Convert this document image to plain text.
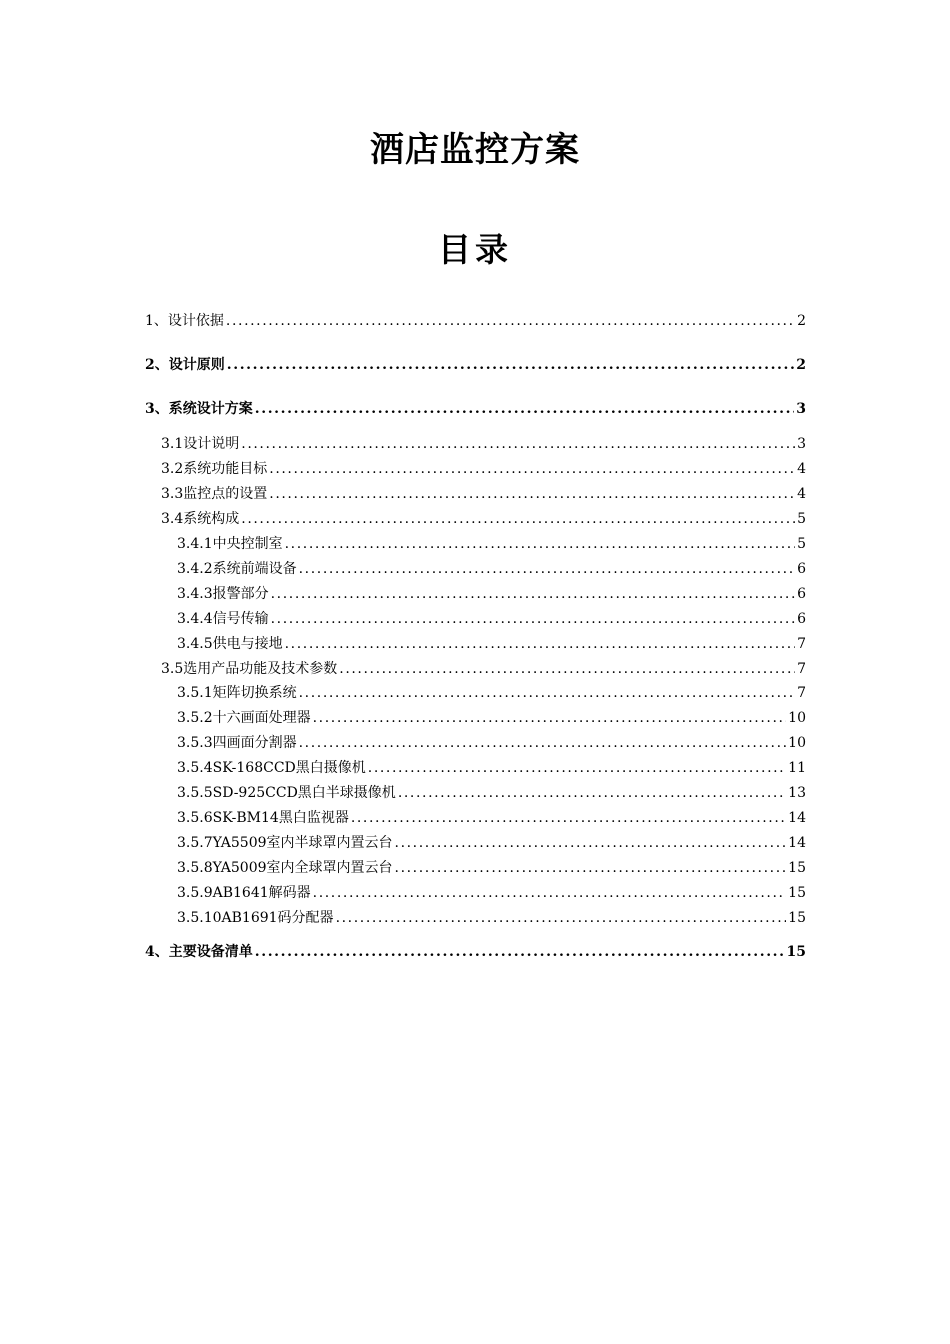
酒店监控方案
目录
1、设计依据 .....	2
2、设计原则 .....	2
3、系统设计方案 .....	3
3.1设计说明 .....	3
3.2系统功能目标 .....	4
3.3监控点的设置 .....	4
3.4系统构成 .....	5
3.4.1中央控制室 .....	5
3.4.2系统前端设备 .....	6
3.4.3报警部分 .....	6
3.4.4信号传输 .....	6
3.4.5供电与接地 .....	7
3.5选用产品功能及技术参数 .....	7
3.5.1矩阵切换系统 .....	7
3.5.2十六画面处理器 .....	10
3.5.3四画面分割器 .....	10
3.5.4SK-168CCD黑白摄像机 .....	11
3.5.5SD-925CCD黑白半球摄像机 .....	13
3.5.6SK-BM14黑白监视器 .....	14
3.5.7YA5509室内半球罩内置云台 .....	14
3.5.8YA5009室内全球罩内置云台 .....	15
3.5.9AB1641解码器 .....	15
3.5.10AB1691码分配器 .....	15
4、主要设备清单 .....	15
